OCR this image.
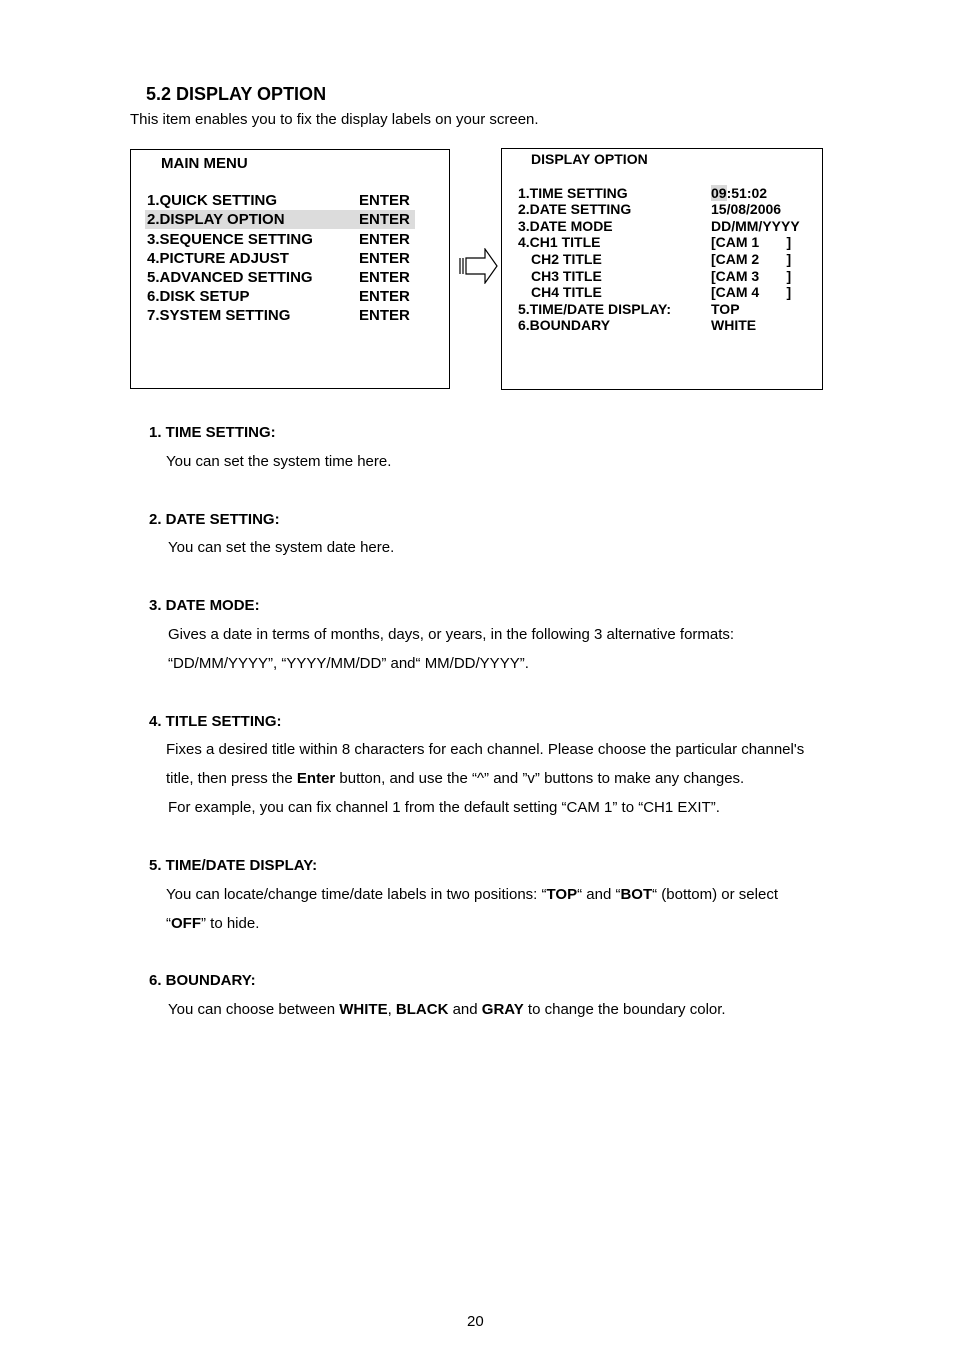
5.2 DISPLAY OPTION
This item enables you to fix the display labels on your screen.
MAIN MENU
1.QUICK SETTING	ENTER
2.DISPLAY OPTION	ENTER
3.SEQUENCE SETTING	ENTER
4.PICTURE ADJUST	ENTER
5.ADVANCED SETTING	ENTER
6.DISK SETUP	ENTER
7.SYSTEM SETTING	ENTER
DISPLAY OPTION
1.TIME SETTING	09:51:02
2.DATE SETTING	15/08/2006
3.DATE MODE	DD/MM/YYYY
4.CH1 TITLE	[CAM 1       ]
CH2 TITLE	[CAM 2       ]
CH3 TITLE	[CAM 3       ]
CH4 TITLE	[CAM 4       ]
5.TIME/DATE DISPLAY:	TOP
6.BOUNDARY	WHITE
1. TIME SETTING:
You can set the system time here.
2. DATE SETTING:
You can set the system date here.
3. DATE MODE:
Gives a date in terms of months, days, or years, in the following 3 alternative formats:
“DD/MM/YYYY”, “YYYY/MM/DD” and“ MM/DD/YYYY”.
4. TITLE SETTING:
Fixes a desired title within 8 characters for each channel. Please choose the particular channel's
title, then press the Enter button, and use the “^” and ”v” buttons to make any changes.
For example, you can fix channel 1 from the default setting “CAM 1” to “CH1 EXIT”.
5. TIME/DATE DISPLAY:
You can locate/change time/date labels in two positions: “TOP“ and “BOT“ (bottom) or select
“OFF” to hide.
6. BOUNDARY:
You can choose between WHITE, BLACK and GRAY to change the boundary color.
20
